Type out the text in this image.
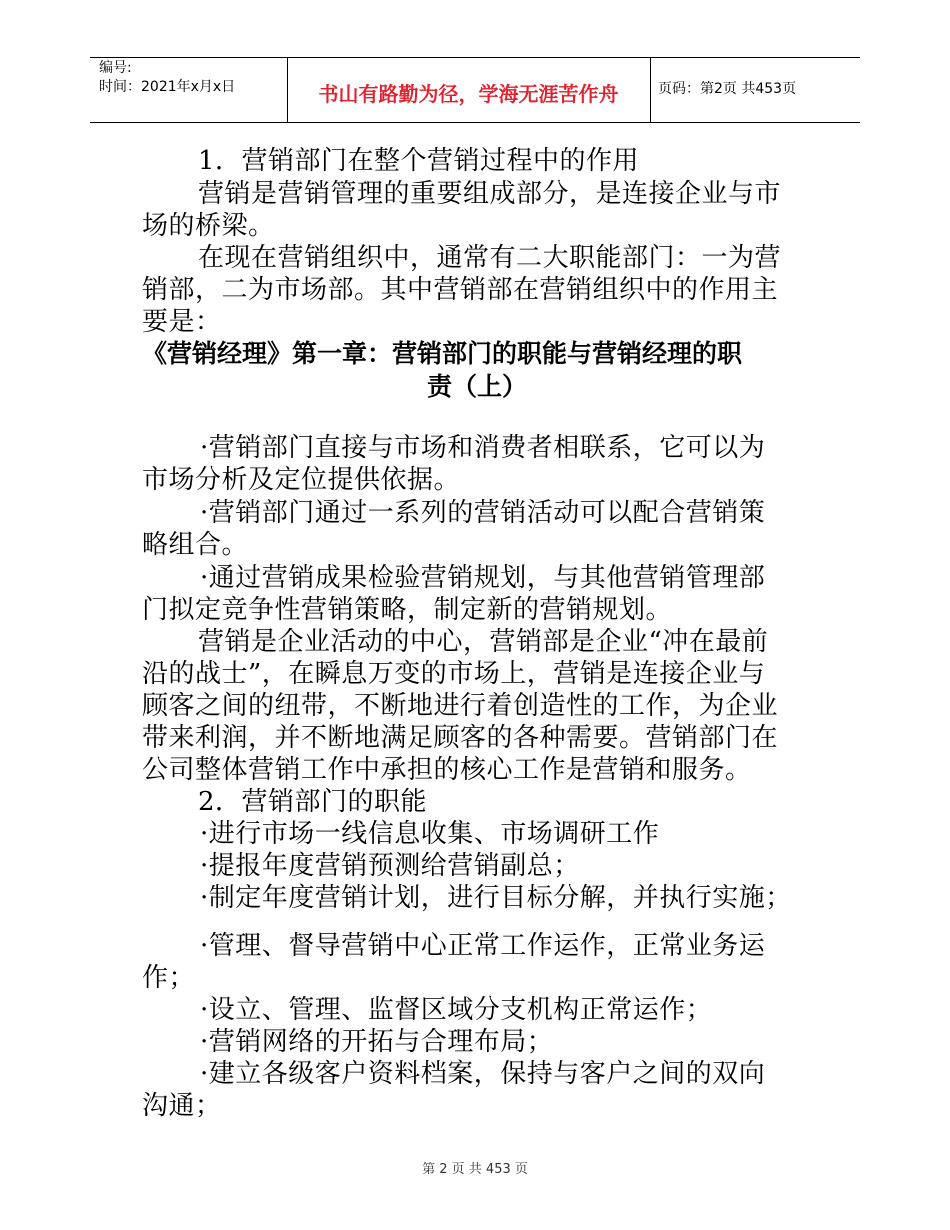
编号:
时间：2021年x月x日	书山有路勤为径，学海无涯苦作舟	页码：第2页 共453页
1．营销部门在整个营销过程中的作用
营销是营销管理的重要组成部分，是连接企业与市
场的桥梁。
在现在营销组织中，通常有二大职能部门：一为营
销部，二为市场部。其中营销部在营销组织中的作用主
要是：
《营销经理》第一章：营销部门的职能与营销经理的职
责（上）
·营销部门直接与市场和消费者相联系，它可以为
市场分析及定位提供依据。
·营销部门通过一系列的营销活动可以配合营销策
略组合。
·通过营销成果检验营销规划，与其他营销管理部
门拟定竞争性营销策略，制定新的营销规划。
营销是企业活动的中心，营销部是企业“冲在最前
沿的战士”，在瞬息万变的市场上，营销是连接企业与
顾客之间的纽带，不断地进行着创造性的工作，为企业
带来利润，并不断地满足顾客的各种需要。营销部门在
公司整体营销工作中承担的核心工作是营销和服务。
2．营销部门的职能
·进行市场一线信息收集、市场调研工作
·提报年度营销预测给营销副总；
·制定年度营销计划，进行目标分解，并执行实施；
·管理、督导营销中心正常工作运作，正常业务运
作；
·设立、管理、监督区域分支机构正常运作；
·营销网络的开拓与合理布局；
·建立各级客户资料档案，保持与客户之间的双向
沟通；
第 2 页 共 453 页
